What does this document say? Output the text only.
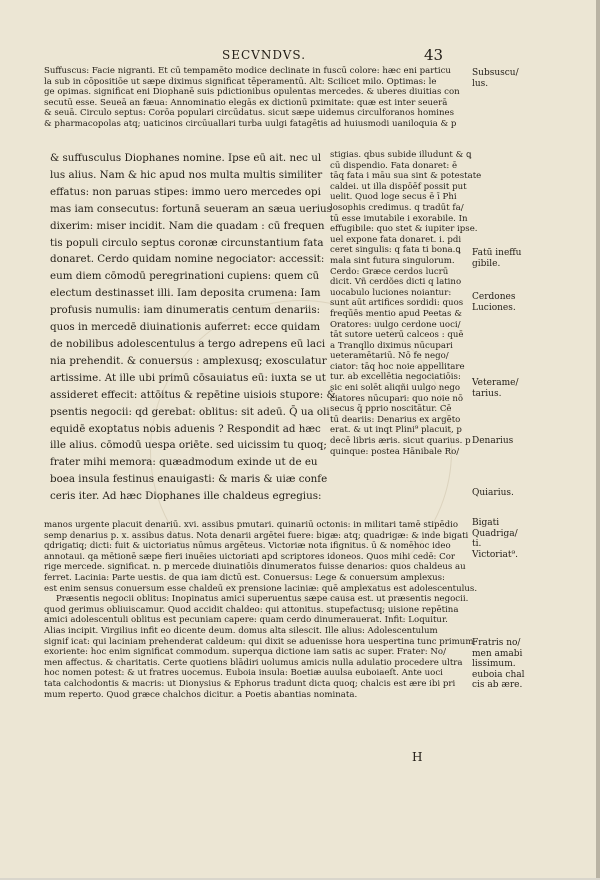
SECVNDVS.	43
Suffuscus: Facie nigranti. Et cū tempamēto modice declinate in fuscū colore: hæc eni particu
la sub in cōpositiōe ut sæpe diximus significat tēperamentū. Alt: Scilicet milo. Optimas: le
ge opimas. significat eni Diophanē suis pdictionibus opulentas mercedes. & uberes diuitias con
secutū esse. Seueā an fæua: Annominatio elegās ex dictionū pximitate: quæ est inter seuerā
& seuā. Circulo septus: Corōa populari circūdatus. sicut sæpe uidemus circulforanos homines
& pharmacopolas atq; uaticinos circūuallari turba uulgi fatagētis ad huiusmodi uaniloquia & p
& suffusculus Diophanes nomine. Ipse eū ait. nec ul
lus alius. Nam & hic apud nos multa multis similiter
effatus: non paruas stipes: immo uero mercedes opi
mas iam consecutus: fortunā seueram an sæua uerius
dixerim: miser incidit. Nam die quadam : cū frequen
tis populi circulo septus coronæ circunstantium fata
donaret. Cerdo quidam nomine negociator: accessit:
eum diem cōmodū peregrinationi cupiens: quem cū
electum destinasset illi. Iam deposita crumena: Iam
profusis numulis: iam dinumeratis centum denariis:
quos in mercedē diuinationis auferret: ecce quidam
de nobilibus adolescentulus a tergo adrepens eū laci
nia prehendit. & conuersus : amplexusq; exosculatur
artissime. At ille ubi primū cōsauiatus eū: iuxta se ut
assideret effecit: attōitus & repētine uisiois stupore: &
psentis negocii: qd gerebat: oblitus: sit adeū. Q̄ ua oli
equidē exoptatus nobis aduenis ? Respondit ad hæc
ille alius. cōmodū uespa oriēte. sed uicissim tu quoq;
frater mihi memora: quæadmodum exinde ut de eu
boea insula festinus enauigasti: & maris & uiæ confe
ceris iter. Ad hæc Diophanes ille chaldeus egregius:
stigias. qbus subide illudunt & ꝗ
cū dispendio. Fata donaret: ē
tāq fata i māu sua sint & potestate
caldei. ut illa dispōēf possit put
uelit. Quod loge secus ē ī Phi
losophis credimus. q tradūt fa/
tū esse imutabile i exorabile. In
effugibile: quo stet & iupiter ipse.
uel expone fata donaret. i. pdi
ceret singulis: q fata ti bona.ꝗ
mala sint futura singulorum.
Cerdo: Græce cerdos lucrū
dicit. Vñ cerdões dicti q latino
uocabulo luciones noiantur:
sunt aūt artifices sordidi: quos
freqūēs mentio apud Peetas &
Oratores: uulgo cerdone uoci/
tāt sutore ueterū calceos : quē
a Tranqllo diximus nūcupari
ueteramētariū. Nō fe nego/
ciator: tāq hoc noie appellitare
tur. ab excellētia negociatiōis:
sic eni solēt aliqñi uulgo nego
ciatores nūcupari: quo noie nō
secus q̄ pprio noscitātur. Cē
tū deariis: Denarius ex argēto
erat. & ut inqt Plini⁹ placuit, p
decē libris æris. sicut quarius. p
quinque: postea Hānibale Ro/
manos urgente placuit denariū. xvi. assibus pmutari. quinariū octonis: in militari tamē stipēdio
semp denarius p. x. assibus datus. Nota denarii argētei fuere: bigæ: atq; quadrigæ: & inde bigati
qdrigatiq; dicti: fuit & uictoriatus nūmus argēteus. Victoriæ nota ifignitus. ū & nomēhoc ideo
annotaui. qa mētionē sæpe fieri inuēies uictoriati apd scriptores idoneos. Quos mihi cedē: Cor
rige mercede. significat. n. p mercede diuinatiōis dinumeratos fuisse denarios: quos chaldeus au
ferret. Lacinia: Parte uestis. de qua iam dictū est. Conuersus: Lege & conuersum amplexus:
est enim sensus conuersum esse chaldeū ex prensione laciniæ: quē amplexatus est adolescentulus.
Præsentis negocii oblitus: Inopinatus amici superuentus sæpe causa est. ut præsentis negocii.
quod gerimus obliuiscamur. Quod accidit chaldeo: qui attonitus. stupefactusq; uisione repētina
amici adolescentuli oblitus est pecuniam capere: quam cerdo dinumerauerat. Infit: Loquitur.
Alias incipit. Virgilius infit eo dicente deum. domus alta silescit. Ille alius: Adolescentulum
signif icat: qui laciniam prehenderat caldeum: qui dixit se aduenisse hora uespertina tunc primum
exoriente: hoc enim significat commodum. superqua dictione iam satis ac super. Frater: No/
men affectus. & charitatis. Certe quotiens blādiri uolumus amicis nulla adulatio procedere ultra
hoc nomen potest: & ut fratres uocemus. Euboia insula: Boetiæ auulsa euboiaeſt. Ante uoci
tata calchodontis & macris: ut Dionysius & Ephorus tradunt dicta quoq; chalcis est ære ibi pri
mum reperto. Quod græce chalchos dicitur. a Poetis abantias nominata.
Subsuscu/
lus.
Fatū ineffu
gibile.
Cerdones
Luciones.
Veterame/
tarius.
Denarius
Quiarius.
Bigati
Quadriga/
ti.
Victoriat⁹.
Fratris no/
men amabi
lissimum.
euboia chal
cis ab ære.
H
